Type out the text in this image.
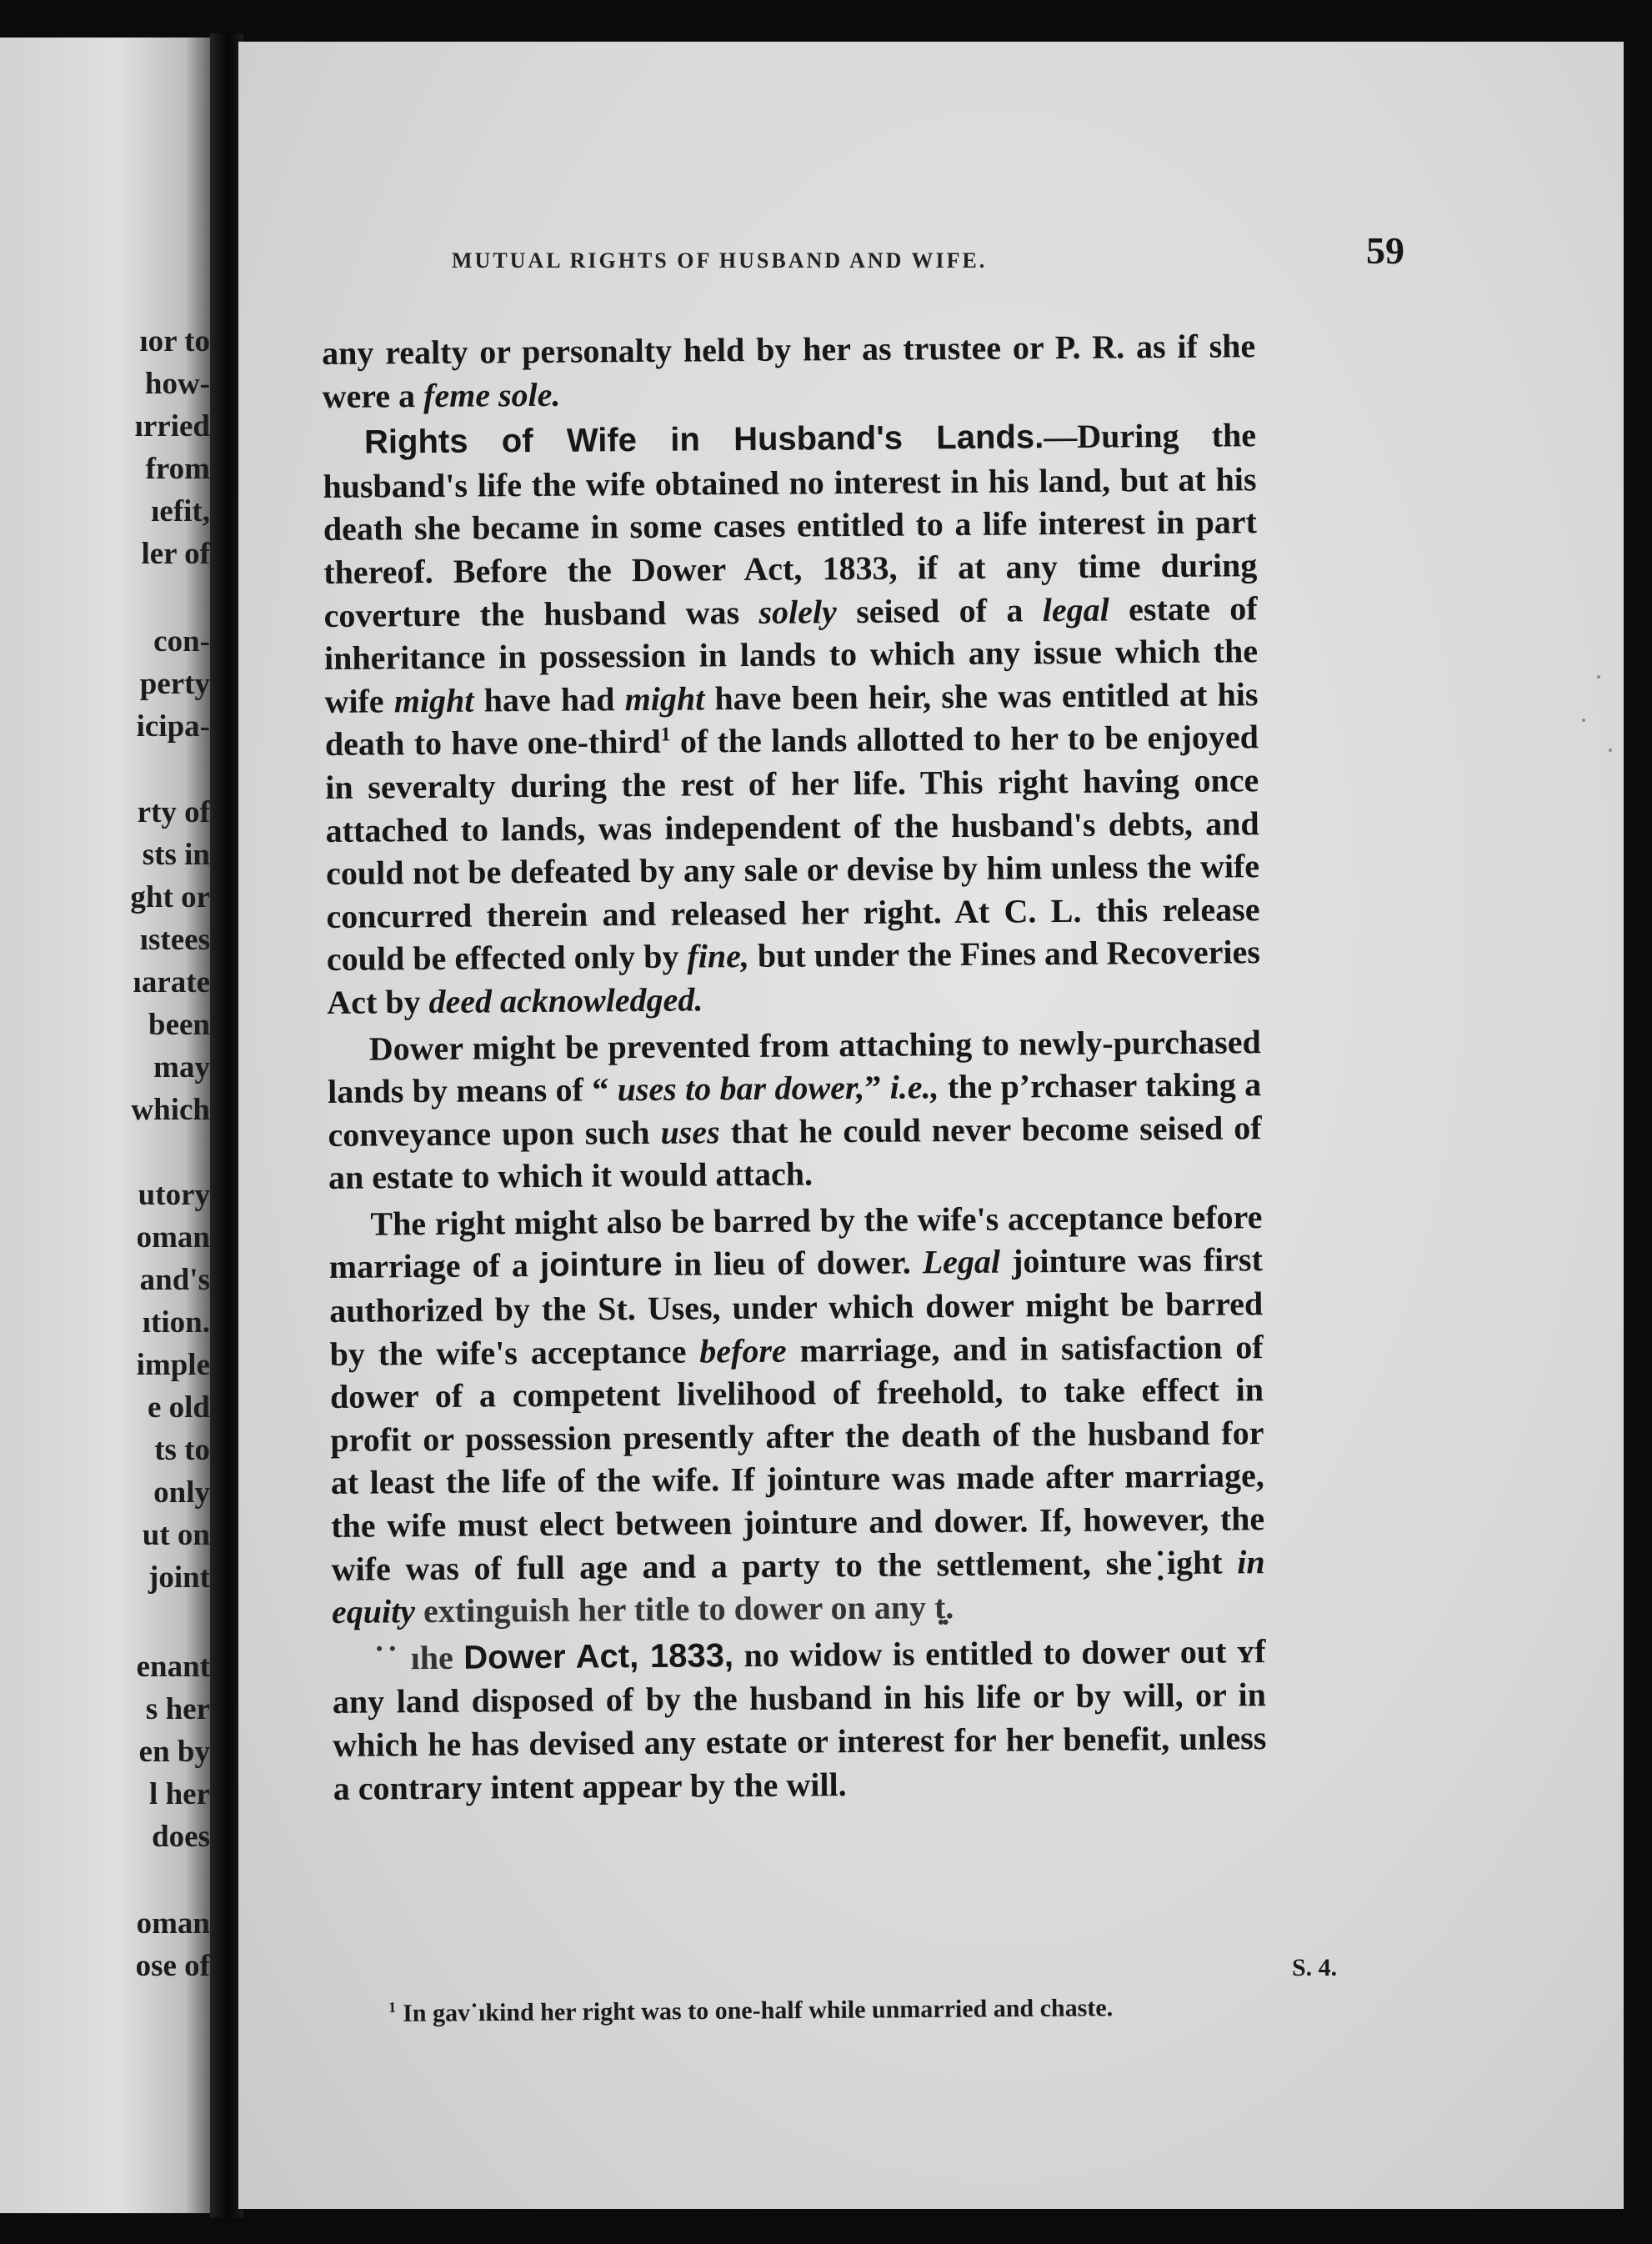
ıor to

how-

ırried

from

ıefit,

ler of

con-

perty

icipa-

rty of

sts in

ght or

ıstees

ıarate

been

may

which

utory

oman

and's

ıtion.

imple

e old

ts to

only

ut on

joint

enant

s her

en by

l her

does

oman

ose of

MUTUAL RIGHTS OF HUSBAND AND WIFE.	59

any realty or personalty held by her as trustee or P. R. as if she were a feme sole.

Rights of Wife in Husband's Lands.—During the husband's life the wife obtained no interest in his land, but at his death she became in some cases entitled to a life interest in part thereof. Before the Dower Act, 1833, if at any time during coverture the husband was solely seised of a legal estate of inheritance in possession in lands to which any issue which the wife might have had might have been heir, she was entitled at his death to have one-third$^1$ of the lands allotted to her to be enjoyed in severalty during the rest of her life. This right having once attached to lands, was independent of the husband's debts, and could not be defeated by any sale or devise by him unless the wife concurred therein and released her right. At C. L. this release could be effected only by fine, but under the Fines and Recoveries Act by deed acknowledged.

Dower might be prevented from attaching to newly-purchased lands by means of “ uses to bar dower,” i.e., the pʼrchaser taking a conveyance upon such uses that he could never become seised of an estate to which it would attach.

The right might also be barred by the wife's acceptance before marriage of a jointure in lieu of dower. Legal jointure was first authorized by the St. Uses, under which dower might be barred by the wife's acceptance before marriage, and in satisfaction of dower of a competent livelihood of freehold, to take effect in profit or possession presently after the death of the husband for at least the life of the wife. If jointure was made after marriage, the wife must elect between jointure and dower. If, however, the wife was of full age and a party to the settlement, she ̣̇ight in equity extinguish her title to dower on any ṭ̣̣̣.

˙˙ ıhe Dower Act, 1833, no widow is entitled to dower out ʏf any land disposed of by the husband in his life or by will, or in which he has devised any estate or interest for her benefit, unless a contrary intent appear by the will.

S. 4.

$^1$ In gav˙ıkind her right was to one-half while unmarried and chaste.
